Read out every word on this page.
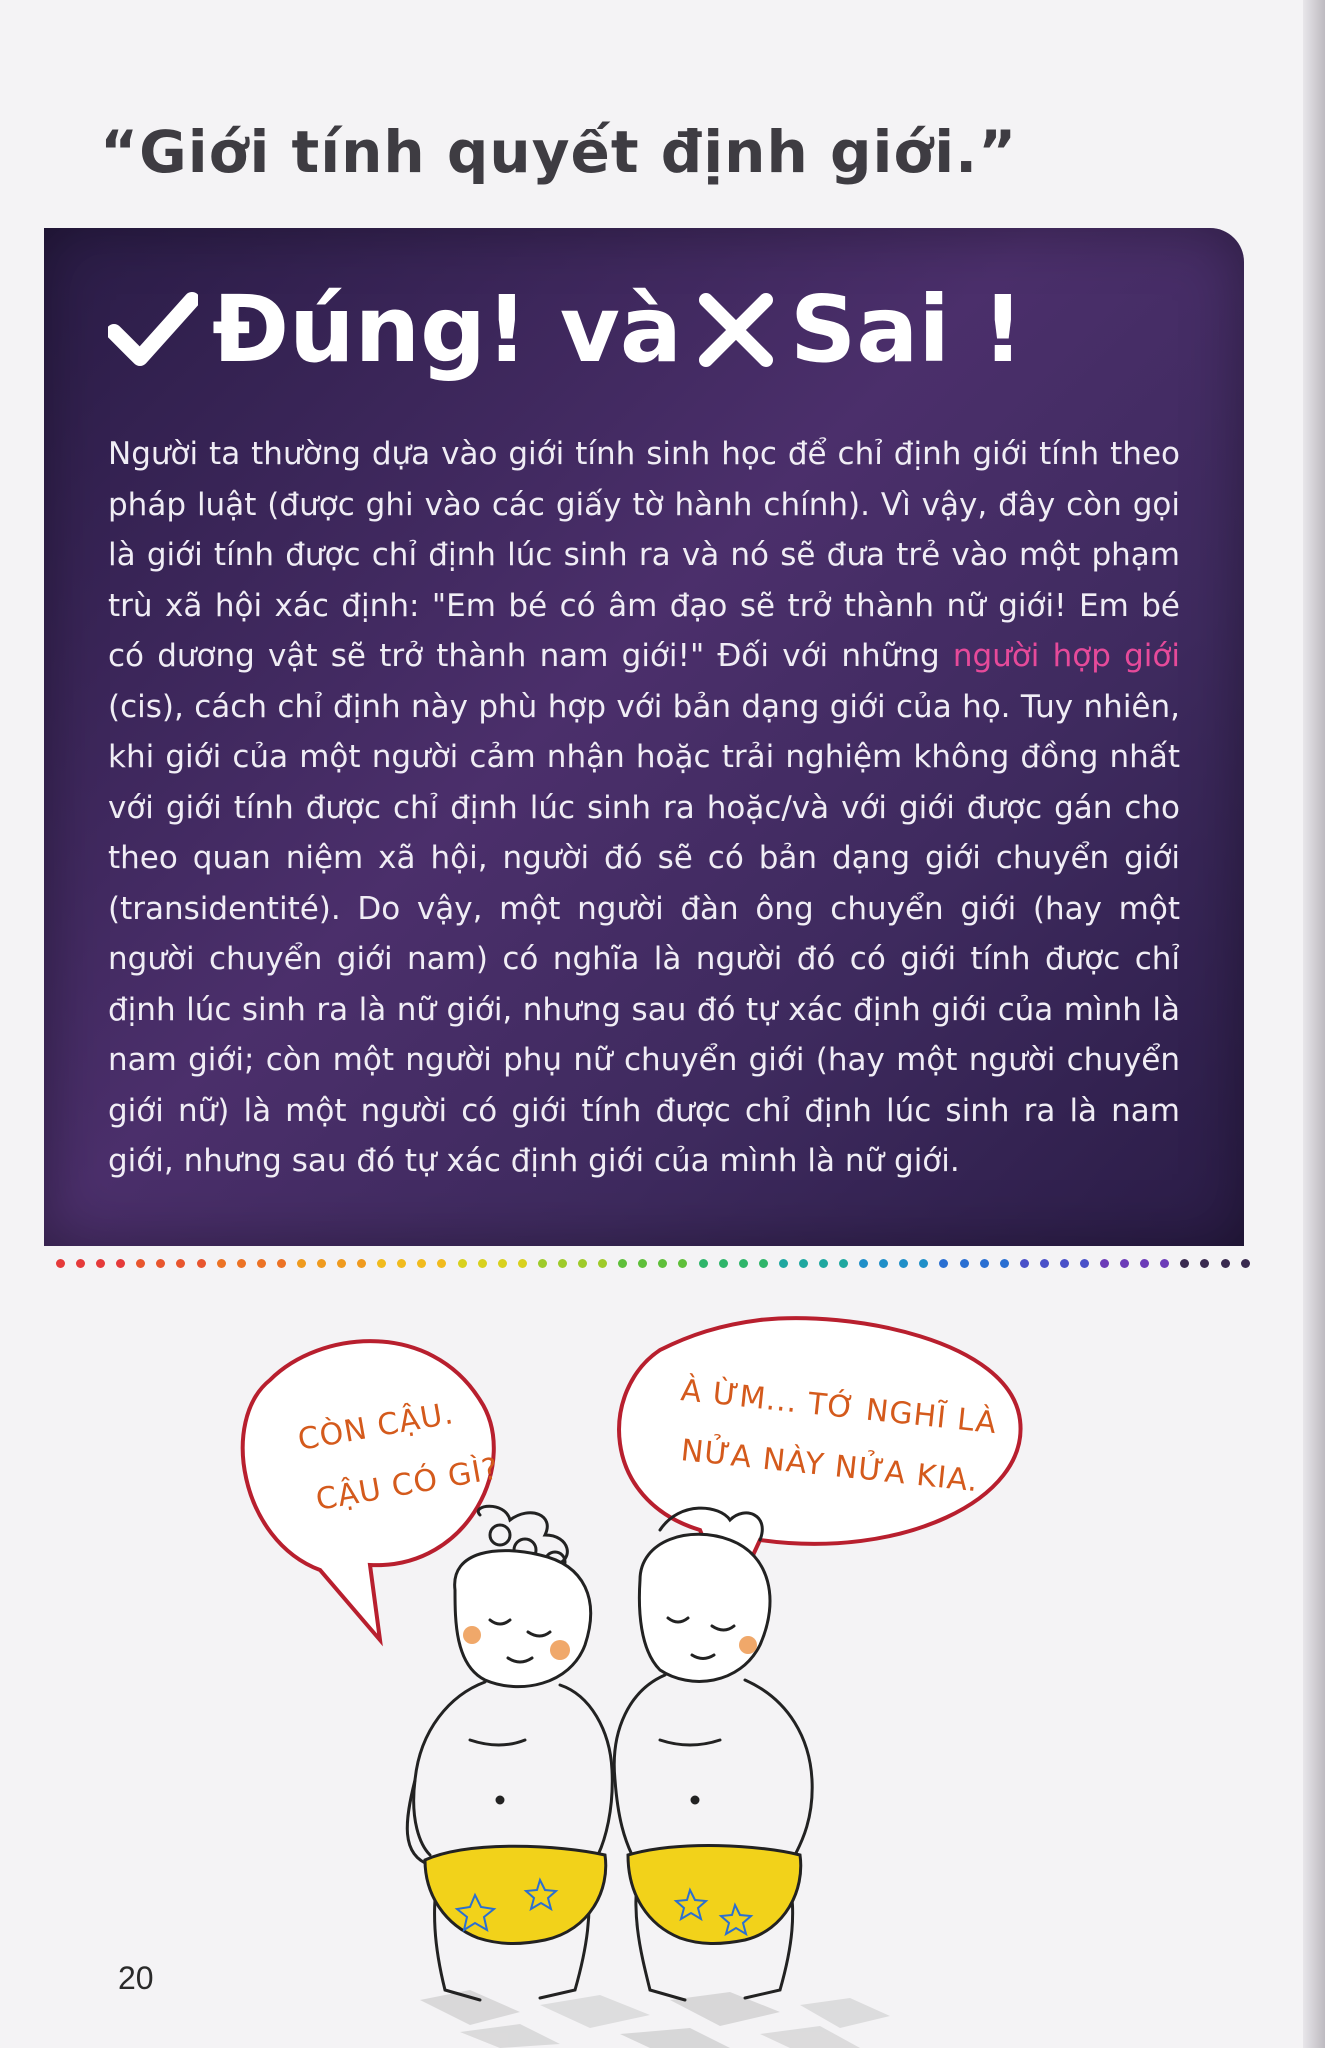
“Giới tính quyết định giới.”
Đúng! và Sai !

Người ta thường dựa vào giới tính sinh học để chỉ định giới tính theo pháp luật (được ghi vào các giấy tờ hành chính). Vì vậy, đây còn gọi là giới tính được chỉ định lúc sinh ra và nó sẽ đưa trẻ vào một phạm trù xã hội xác định: "Em bé có âm đạo sẽ trở thành nữ giới! Em bé có dương vật sẽ trở thành nam giới!" Đối với những người hợp giới (cis), cách chỉ định này phù hợp với bản dạng giới của họ. Tuy nhiên, khi giới của một người cảm nhận hoặc trải nghiệm không đồng nhất với giới tính được chỉ định lúc sinh ra hoặc/và với giới được gán cho theo quan niệm xã hội, người đó sẽ có bản dạng giới chuyển giới (transidentité). Do vậy, một người đàn ông chuyển giới (hay một người chuyển giới nam) có nghĩa là người đó có giới tính được chỉ định lúc sinh ra là nữ giới, nhưng sau đó tự xác định giới của mình là nam giới; còn một người phụ nữ chuyển giới (hay một người chuyển giới nữ) là một người có giới tính được chỉ định lúc sinh ra là nam giới, nhưng sau đó tự xác định giới của mình là nữ giới.

CÒN CẬU.
CẬU CÓ GÌ?
À ỪM... TỚ NGHĨ LÀ
NỬA NÀY NỬA KIA.
20
